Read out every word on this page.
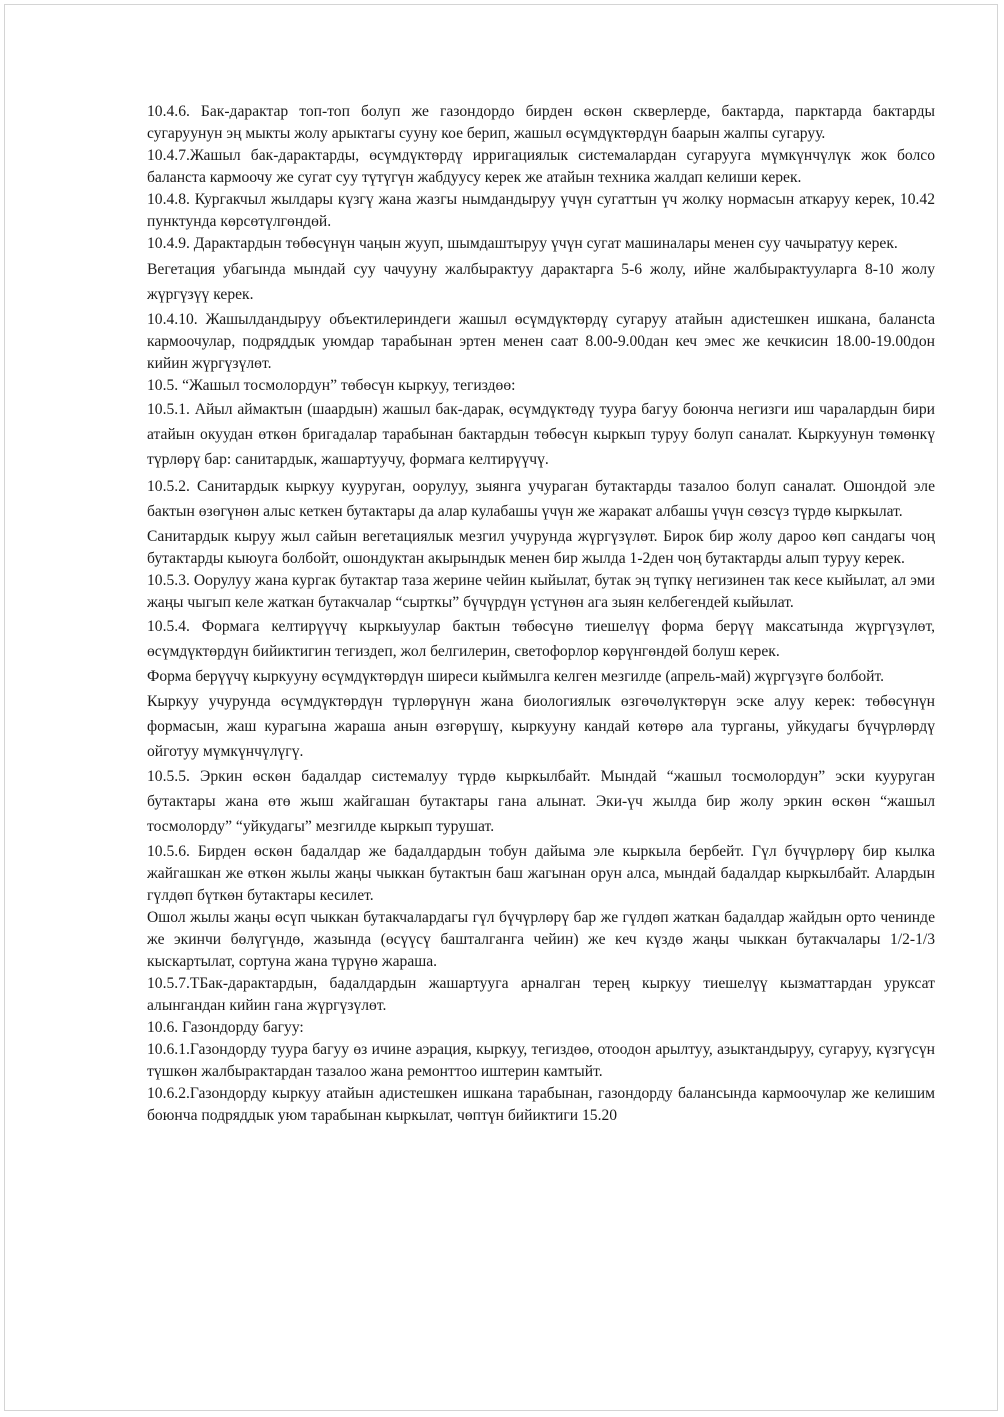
10.4.6. Бак-дарактар топ-топ болуп же газондордо бирден өскөн скверлерде, бактарда, парктарда бактарды сугаруунун эң мыкты жолу арыктагы сууну кое берип, жашыл өсүмдүктөрдүн баарын жалпы сугаруу.

10.4.7.Жашыл бак-дарактарды, өсүмдүктөрдү ирригациялык системалардан сугарууга мүмкүнчүлүк жок болсо баланста кармоочу же сугат суу түтүгүн жабдуусу керек же атайын техника жалдап келиши керек.

10.4.8. Кургакчыл жылдары күзгү жана жазгы нымдандыруу үчүн сугаттын үч жолку нормасын аткаруу керек, 10.42 пунктунда көрсөтүлгөндөй.

10.4.9. Дарактардын төбөсүнүн чаңын жууп, шымдаштыруу үчүн сугат машиналары менен суу чачыратуу керек.

Вегетация убагында мындай суу чачууну жалбырактуу дарактарга 5-6 жолу, ийне жалбырактууларга 8-10 жолу жүргүзүү керек.

10.4.10. Жашылдандыруу объектилериндеги жашыл өсүмдүктөрдү сугаруу атайын адистешкен ишкана, балансta кармоочулар, подряддык уюмдар тарабынан эртен менен саат 8.00-9.00дан кеч эмес же кечкисин 18.00-19.00дон кийин жүргүзүлөт.

10.5. “Жашыл тосмолордун” төбөсүн кыркуу, тегиздөө:

10.5.1. Айыл аймактын (шаардын) жашыл бак-дарак, өсүмдүктөдү туура багуу боюнча негизги иш чаралардын бири атайын окуудан өткөн бригадалар тарабынан бактардын төбөсүн кыркып туруу болуп саналат. Кыркуунун төмөнкү түрлөрү бар: санитардык, жашартуучу, формага келтирүүчү.

10.5.2. Санитардык кыркуу кууруган, оорулуу, зыянга учураган бутактарды тазалоо болуп саналат. Ошондой эле бактын өзөгүнөн алыс кеткен бутактары да алар кулабашы үчүн же жаракат албашы үчүн сөзсүз түрдө кыркылат.

Санитардык кыруу жыл сайын вегетациялык мезгил учурунда жүргүзүлөт. Бирок бир жолу дароо көп сандагы чоң бутактарды кыюуга болбойт, ошондуктан акырындык менен бир жылда 1-2ден чоң бутактарды алып туруу керек.

10.5.3. Оорулуу жана кургак бутактар таза жерине чейин кыйылат, бутак эң түпкү негизинен так кесе кыйылат, ал эми жаңы чыгып келе жаткан бутакчалар “сырткы” бүчүрдүн үстүнөн ага зыян келбегендей кыйылат.

10.5.4. Формага келтирүүчү кыркыуулар бактын төбөсүнө тиешелүү форма берүү максатында жүргүзүлөт, өсүмдүктөрдүн бийиктигин тегиздеп, жол белгилерин, светофорлор көрүнгөндөй болуш керек.

Форма берүүчү кыркууну өсүмдүктөрдүн ширеси кыймылга келген мезгилде (апрель-май) жүргүзүгө болбойт.

Кыркуу учурунда өсүмдүктөрдүн түрлөрүнүн жана биологиялык өзгөчөлүктөрүн эске алуу керек: төбөсүнүн формасын, жаш курагына жараша анын өзгөрүшү, кыркууну кандай көтөрө ала турганы, уйкудагы бүчүрлөрдү ойготуу мүмкүнчүлүгү.

10.5.5. Эркин өскөн бадалдар системалуу түрдө кыркылбайт. Мындай “жашыл тосмолордун” эски кууруган бутактары жана өтө жыш жайгашан бутактары гана алынат. Эки-үч жылда бир жолу эркин өскөн “жашыл тосмолорду” “уйкудагы” мезгилде кыркып турушат.

10.5.6. Бирден өскөн бадалдар же бадалдардын тобун дайыма эле кыркыла бербейт. Гүл бүчүрлөрү бир кылка жайгашкан же өткөн жылы жаңы чыккан бутактын баш жагынан орун алса, мындай бадалдар кыркылбайт. Алардын гүлдөп бүткөн бутактары кесилет.

Ошол жылы жаңы өсүп чыккан бутакчалардагы гүл бүчүрлөрү бар же гүлдөп жаткан бадалдар жайдын орто ченинде же экинчи бөлүгүндө, жазында (өсүүсү башталганга чейин) же кеч күздө жаңы чыккан бутакчалары 1/2-1/3 кыскартылат, сортуна жана түрүнө жараша.

10.5.7.ТБак-дарактардын, бадалдардын жашартууга арналган терең кыркуу тиешелүү кызматтардан уруксат алынгандан кийин гана жүргүзүлөт.

10.6. Газондорду багуу:

10.6.1.Газондорду туура багуу өз ичине аэрация, кыркуу, тегиздөө, отоодон арылтуу, азыктандыруу, сугаруу, күзгүсүн түшкөн жалбырактардан тазалоо жана ремонттоо иштерин камтыйт.

10.6.2.Газондорду кыркуу атайын адистешкен ишкана тарабынан, газондорду балансында кармоочулар же келишим боюнча подряддык уюм тарабынан кыркылат, чөптүн бийиктиги 15.20
